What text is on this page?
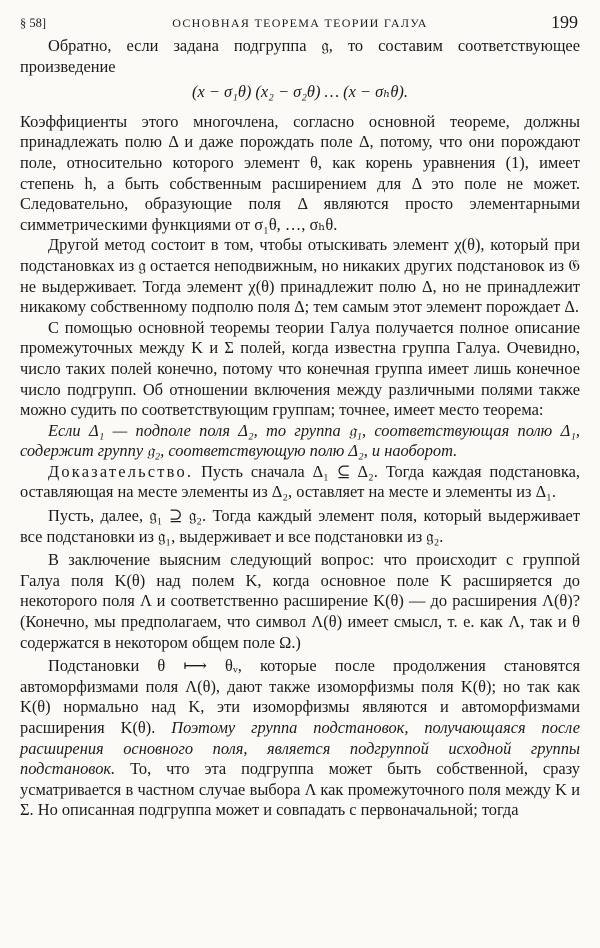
§ 58]	ОСНОВНАЯ ТЕОРЕМА ТЕОРИИ ГАЛУА	199

Обратно, если задана подгруппа 𝔤, то составим соответствующее произведение

(x − σ₁θ) (x₂ − σ₂θ) … (x − σₕθ).

Коэффициенты этого многочлена, согласно основной теореме, должны принадлежать полю Δ и даже порождать поле Δ, потому, что они порождают поле, относительно которого элемент θ, как корень уравнения (1), имеет степень h, а быть собственным расширением для Δ это поле не может. Следовательно, образующие поля Δ являются просто элементарными симметрическими функциями от σ₁θ, …, σₕθ.

Другой метод состоит в том, чтобы отыскивать элемент χ(θ), который при подстановках из 𝔤 остается неподвижным, но никаких других подстановок из 𝔊 не выдерживает. Тогда элемент χ(θ) принадлежит полю Δ, но не принадлежит никакому собственному подполю поля Δ; тем самым этот элемент порождает Δ.

С помощью основной теоремы теории Галуа получается полное описание промежуточных между K и Σ полей, когда известна группа Галуа. Очевидно, число таких полей конечно, потому что конечная группа имеет лишь конечное число подгрупп. Об отношении включения между различными полями также можно судить по соответствующим группам; точнее, имеет место теорема:

Если Δ₁ — подполе поля Δ₂, то группа 𝔤₁, соответствующая полю Δ₁, содержит группу 𝔤₂, соответствующую полю Δ₂, и наоборот.

Доказательство. Пусть сначала Δ₁ ⊆ Δ₂. Тогда каждая подстановка, оставляющая на месте элементы из Δ₂, оставляет на месте и элементы из Δ₁.

Пусть, далее, 𝔤₁ ⊇ 𝔤₂. Тогда каждый элемент поля, который выдерживает все подстановки из 𝔤₁, выдерживает и все подстановки из 𝔤₂.

В заключение выясним следующий вопрос: что происходит с группой Галуа поля K(θ) над полем K, когда основное поле K расширяется до некоторого поля Λ и соответственно расширение K(θ) — до расширения Λ(θ)? (Конечно, мы предполагаем, что символ Λ(θ) имеет смысл, т. е. как Λ, так и θ содержатся в некотором общем поле Ω.)

Подстановки θ ⟼ θᵥ, которые после продолжения становятся автоморфизмами поля Λ(θ), дают также изоморфизмы поля K(θ); но так как K(θ) нормально над K, эти изоморфизмы являются и автоморфизмами расширения K(θ). Поэтому группа подстановок, получающаяся после расширения основного поля, является подгруппой исходной группы подстановок. То, что эта подгруппа может быть собственной, сразу усматривается в частном случае выбора Λ как промежуточного поля между K и Σ. Но описанная подгруппа может и совпадать с первоначальной; тогда
